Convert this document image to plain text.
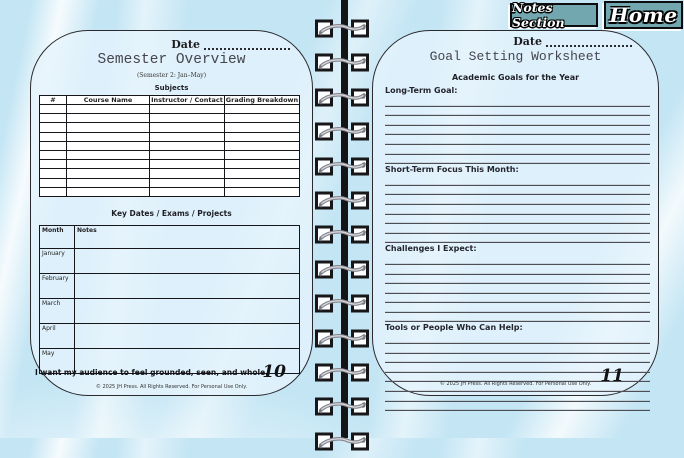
Notes Section	Home
Date
Semester Overview
(Semester 2: Jan–May)
Subjects
#	Course Name	Instructor / Contact	Grading Breakdown

Key Dates / Exams / Projects
Month	Notes
January	
February	
March	
April	
May	
I want my audience to feel grounded, seen, and whole.
10
© 2025 JH Press. All Rights Reserved. For Personal Use Only.
Date
Goal Setting Worksheet
Academic Goals for the Year
Long-Term Goal:
Short-Term Focus This Month:
Challenges I Expect:
Tools or People Who Can Help:
11
© 2025 JH Press. All Rights Reserved. For Personal Use Only.
